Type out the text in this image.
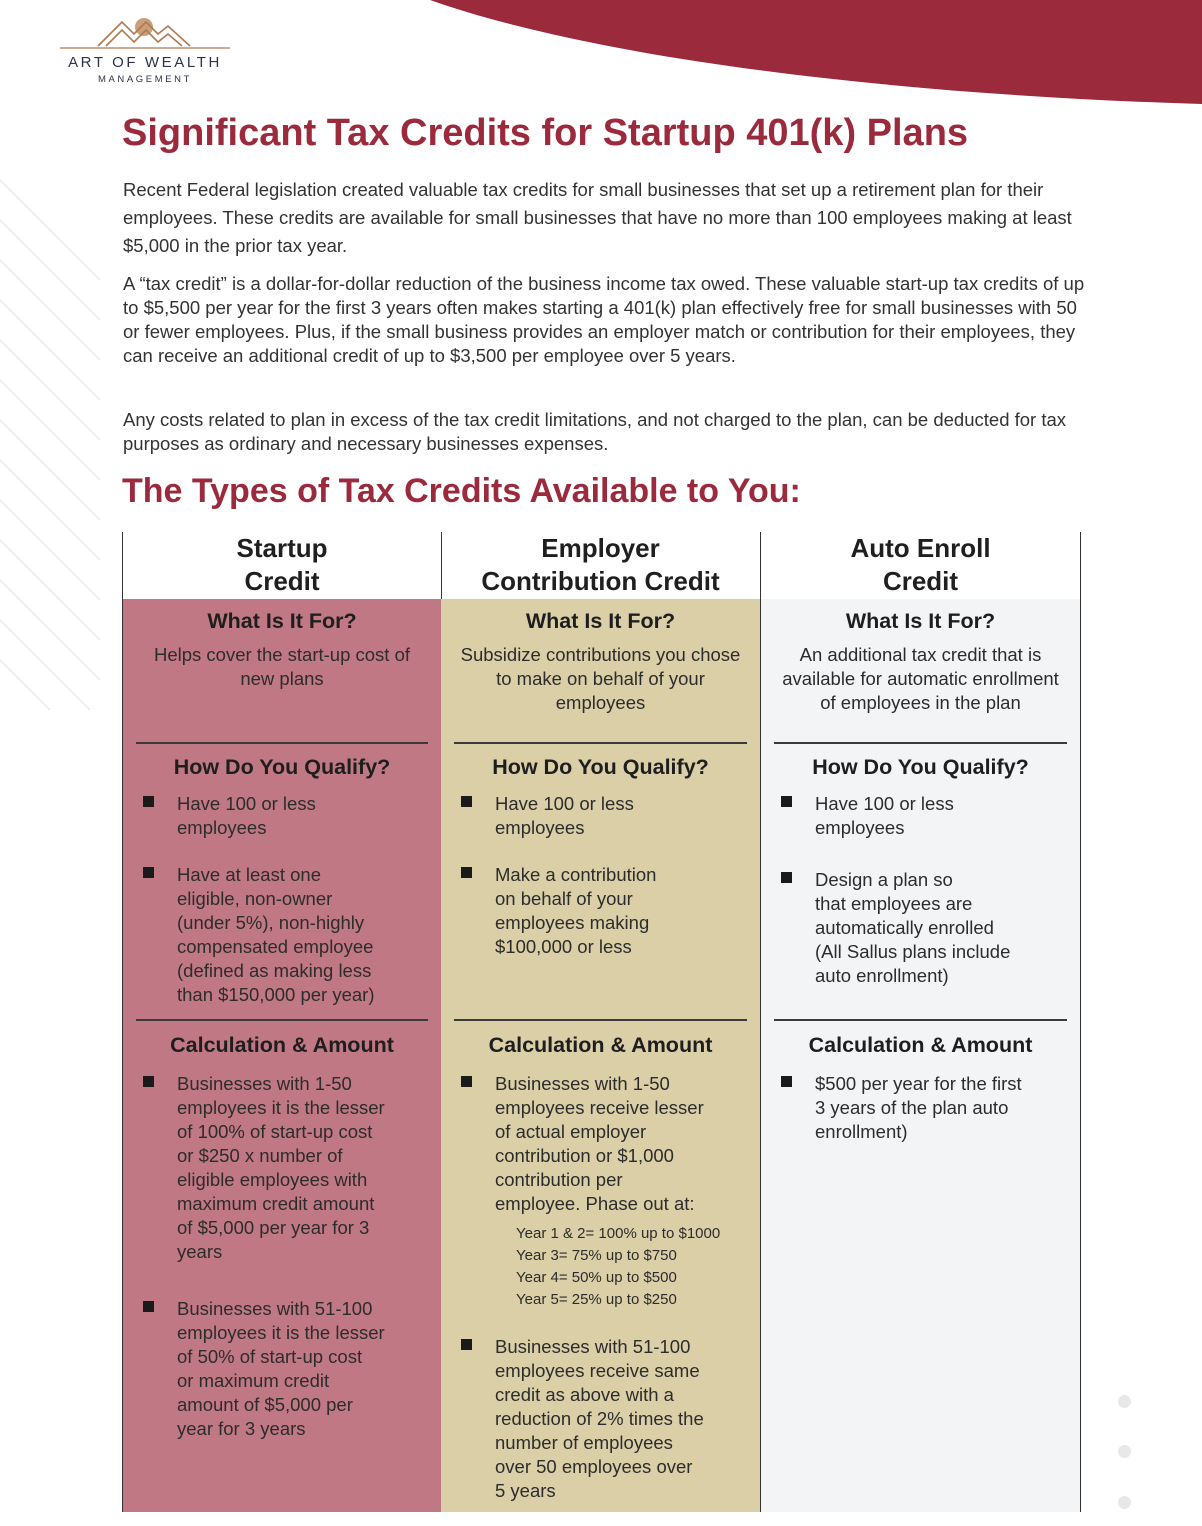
ART OF WEALTH
MANAGEMENT
Significant Tax Credits for Startup 401(k) Plans

Recent Federal legislation created valuable tax credits for small businesses that set up a retirement plan for their employees. These credits are available for small businesses that have no more than 100 employees making at least $5,000 in the prior tax year.

A “tax credit” is a dollar-for-dollar reduction of the business income tax owed. These valuable start-up tax credits of up to $5,500 per year for the first 3 years often makes starting a 401(k) plan effectively free for small businesses with 50 or fewer employees. Plus, if the small business provides an employer match or contribution for their employees, they can receive an additional credit of up to $3,500 per employee over 5 years.

Any costs related to plan in excess of the tax credit limitations, and not charged to the plan, can be deducted for tax purposes as ordinary and necessary businesses expenses.

The Types of Tax Credits Available to You:
Startup
Credit
What Is It For?
Helps cover the start-up cost of new plans
How Do You Qualify?
Have 100 or less
employees
Have at least one
eligible, non-owner
(under 5%), non-highly
compensated employee
(defined as making less
than $150,000 per year)
Calculation & Amount
Businesses with 1-50
employees it is the lesser
of 100% of start-up cost
or $250 x number of
eligible employees with
maximum credit amount
of $5,000 per year for 3
years
Businesses with 51-100
employees it is the lesser
of 50% of start-up cost
or maximum credit
amount of $5,000 per
year for 3 years
Employer
Contribution Credit
What Is It For?
Subsidize contributions you chose to make on behalf of your employees
How Do You Qualify?
Have 100 or less
employees
Make a contribution
on behalf of your
employees making
$100,000 or less
Calculation & Amount
Businesses with 1-50
employees receive lesser
of actual employer
contribution or $1,000
contribution per
employee. Phase out at:
Year 1 & 2= 100% up to $1000
Year 3= 75% up to $750
Year 4= 50% up to $500
Year 5= 25% up to $250
Businesses with 51-100
employees receive same
credit as above with a
reduction of 2% times the
number of employees
over 50 employees over
5 years
Auto Enroll
Credit
What Is It For?
An additional tax credit that is available for automatic enrollment of employees in the plan
How Do You Qualify?
Have 100 or less
employees
Design a plan so
that employees are
automatically enrolled
(All Sallus plans include
auto enrollment)
Calculation & Amount
$500 per year for the first
3 years of the plan auto
enrollment)
